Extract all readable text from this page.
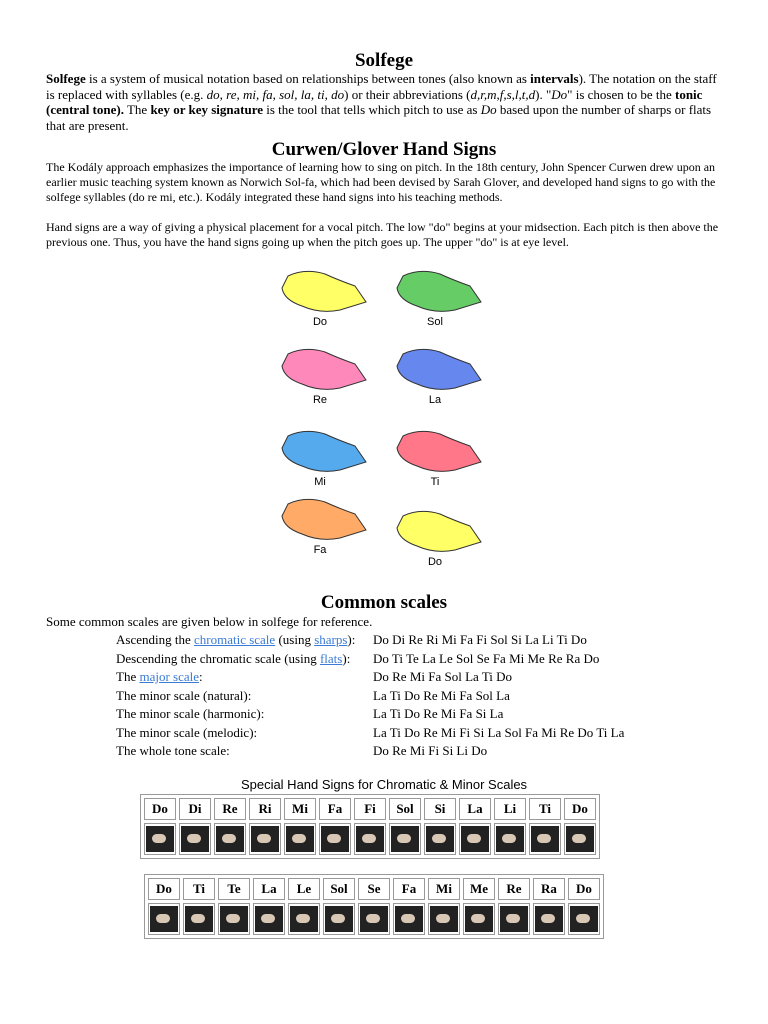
Solfege

Solfege is a system of musical notation based on relationships between tones (also known as intervals). The notation on the staff is replaced with syllables (e.g. do, re, mi, fa, sol, la, ti, do) or their abbreviations (d,r,m,f,s,l,t,d). "Do" is chosen to be the tonic (central tone). The key or key signature is the tool that tells which pitch to use as Do based upon the number of sharps or flats that are present.

Curwen/Glover Hand Signs

The Kodály approach emphasizes the importance of learning how to sing on pitch. In the 18th century, John Spencer Curwen drew upon an earlier music teaching system known as Norwich Sol-fa, which had been devised by Sarah Glover, and developed hand signs to go with the solfege syllables (do re mi, etc.). Kodály integrated these hand signs into his teaching methods.

Hand signs are a way of giving a physical placement for a vocal pitch. The low "do" begins at your midsection. Each pitch is then above the previous one. Thus, you have the hand signs going up when the pitch goes up. The upper "do" is at eye level.

Do	Sol
Re	La
Mi	Ti
Fa
Do
Common scales

Some common scales are given below in solfege for reference.

Ascending the chromatic scale (using sharps):	Do Di Re Ri Mi Fa Fi Sol Si La Li Ti Do
Descending the chromatic scale (using flats):	Do Ti Te La Le Sol Se Fa Mi Me Re Ra Do
The major scale:	Do Re Mi Fa Sol La Ti Do
The minor scale (natural):	La Ti Do Re Mi Fa Sol La
The minor scale (harmonic):	La Ti Do Re Mi Fa Si La
The minor scale (melodic):	La Ti Do Re Mi Fi Si La Sol Fa Mi Re Do Ti La
The whole tone scale:	Do Re Mi Fi Si Li Do
Special Hand Signs for Chromatic & Minor Scales
Do	Di	Re	Ri	Mi	Fa	Fi	Sol	Si	La	Li	Ti	Do

Do	Ti	Te	La	Le	Sol	Se	Fa	Mi	Me	Re	Ra	Do
